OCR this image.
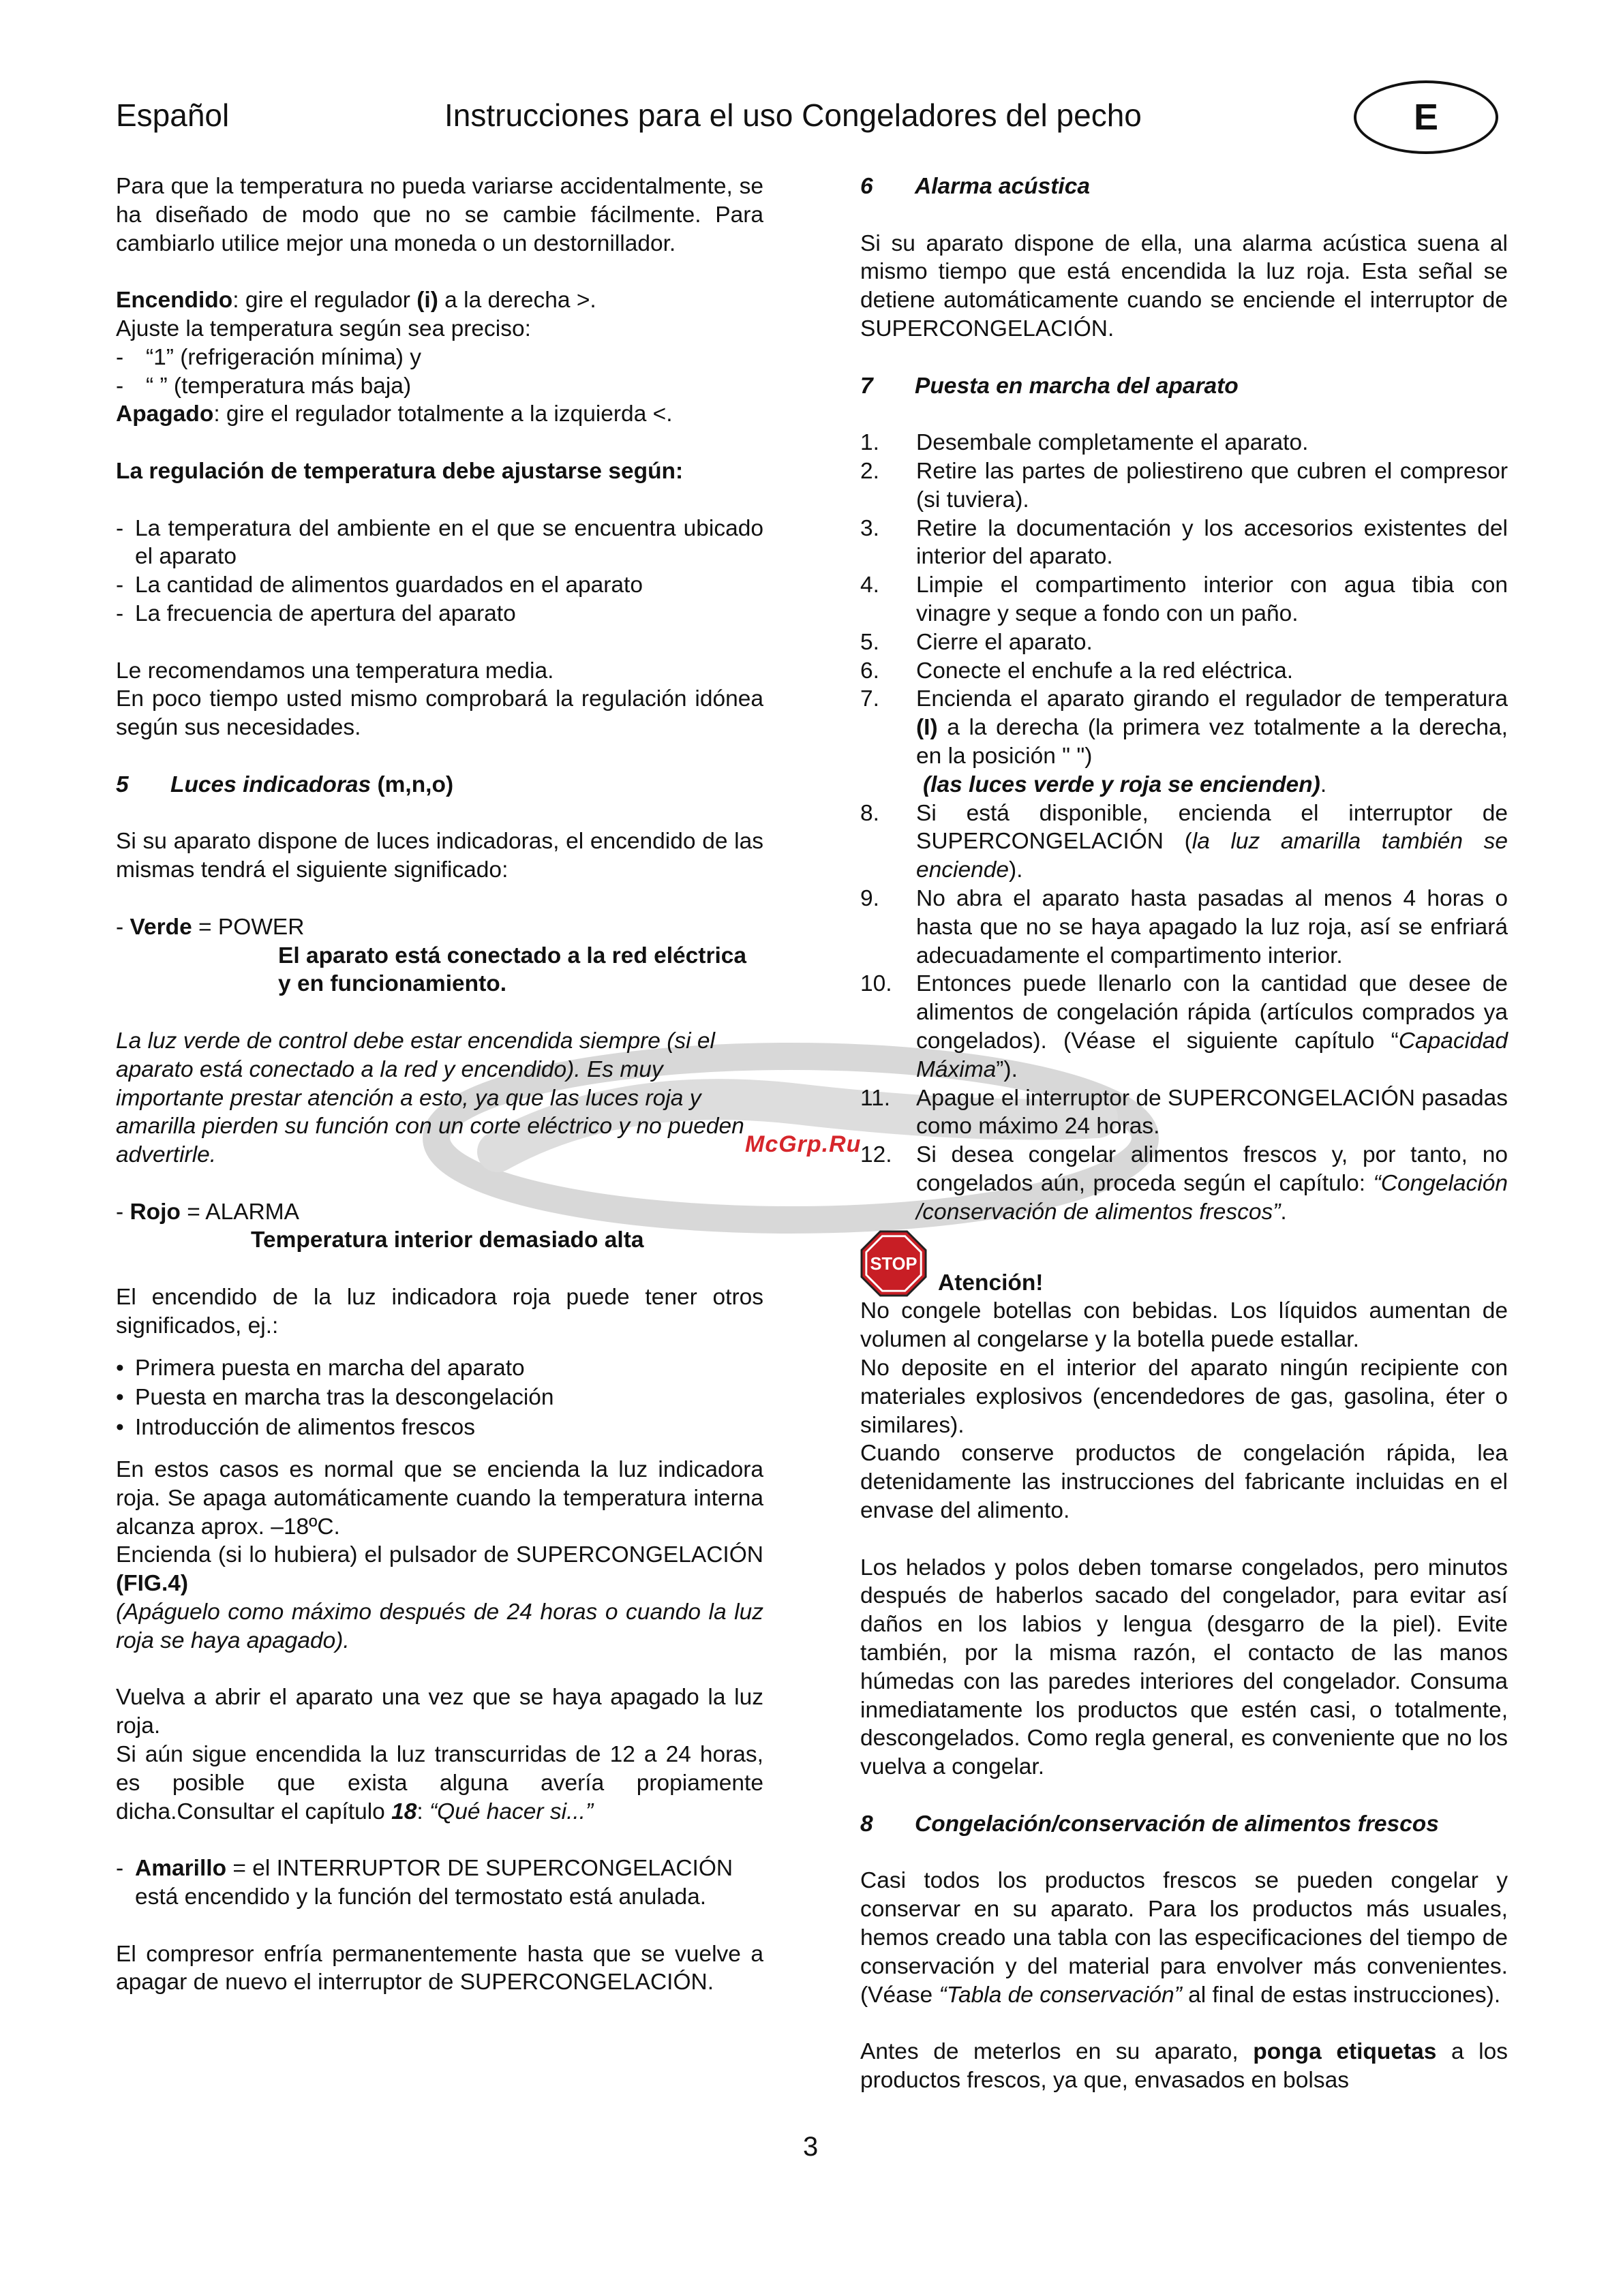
Español	Instrucciones para el uso Congeladores del pecho	E
McGrp.Ru

Para que la temperatura no pueda variarse accidentalmente, se ha diseñado de modo que no se cambie fácilmente. Para cambiarlo utilice mejor una moneda o un destornillador.

Encendido: gire el regulador (i) a la derecha >.

Ajuste la temperatura según sea preciso:

- “1” (refrigeración mínima) y
- “ ” (temperatura más baja)

Apagado: gire el regulador totalmente a la izquierda <.

La regulación de temperatura debe ajustarse según:

- La temperatura del ambiente en el que se encuentra ubicado el aparato
- La cantidad de alimentos guardados en el aparato
- La frecuencia de apertura del aparato

Le recomendamos una temperatura media.

En poco tiempo usted mismo comprobará la regulación idónea según sus necesidades.

5	Luces indicadoras (m,n,o)

Si su aparato dispone de luces indicadoras, el encendido de las mismas tendrá el siguiente significado:

- Verde = POWER

El aparato está conectado a la red eléctrica y en funcionamiento.

La luz verde de control debe estar encendida siempre (si el aparato está conectado a la red y encendido). Es muy importante prestar atención a esto, ya que las luces roja y amarilla pierden su función con un corte eléctrico y no pueden advertirle.

- Rojo = ALARMA

Temperatura interior demasiado alta

El encendido de la luz indicadora roja puede tener otros significados, ej.:

• Primera puesta en marcha del aparato
• Puesta en marcha tras la descongelación
• Introducción de alimentos frescos

En estos casos es normal que se encienda la luz indicadora roja. Se apaga automáticamente cuando la temperatura interna alcanza aprox. –18ºC.

Encienda (si lo hubiera) el pulsador de SUPERCONGELACIÓN (FIG.4)

(Apáguelo como máximo después de 24 horas o cuando la luz roja se haya apagado).

Vuelva a abrir el aparato una vez que se haya apagado la luz roja.

Si aún sigue encendida la luz transcurridas de 12 a 24 horas, es posible que exista alguna avería propiamente dicha.Consultar el capítulo 18: “Qué hacer si...”

- Amarillo = el INTERRUPTOR DE SUPERCONGELACIÓN está encendido y la función del termostato está anulada.

El compresor enfría permanentemente hasta que se vuelve a apagar de nuevo el interruptor de SUPERCONGELACIÓN.

6	Alarma acústica

Si su aparato dispone de ella, una alarma acústica suena al mismo tiempo que está encendida la luz roja. Esta señal se detiene automáticamente cuando se enciende el interruptor de SUPERCONGELACIÓN.

7	Puesta en marcha del aparato
1.	Desembale completamente el aparato.
2.	Retire las partes de poliestireno que cubren el compresor (si tuviera).
3.	Retire la documentación y los accesorios existentes del interior del aparato.
4.	Limpie el compartimento interior con agua tibia con vinagre y seque a fondo con un paño.
5.	Cierre el aparato.
6.	Conecte el enchufe a la red eléctrica.
7.	Encienda el aparato girando el regulador de temperatura (I) a la derecha (la primera vez totalmente a la derecha, en la posición " ")
(las luces verde y roja se encienden).
8.	Si está disponible, encienda el interruptor de SUPERCONGELACIÓN (la luz amarilla también se enciende).
9.	No abra el aparato hasta pasadas al menos 4 horas o hasta que no se haya apagado la luz roja, así se enfriará adecuadamente el compartimento interior.
10.	Entonces puede llenarlo con la cantidad que desee de alimentos de congelación rápida (artículos comprados ya congelados). (Véase el siguiente capítulo “Capacidad Máxima”).
11.	Apague el interruptor de SUPERCONGELACIÓN pasadas como máximo 24 horas.
12.	Si desea congelar alimentos frescos y, por tanto, no congelados aún, proceda según el capítulo: “Congelación /conservación de alimentos frescos”.
STOP
Atención!

No congele botellas con bebidas. Los líquidos aumentan de volumen al congelarse y la botella puede estallar.

No deposite en el interior del aparato ningún recipiente con materiales explosivos (encendedores de gas, gasolina, éter o similares).

Cuando conserve productos de congelación rápida, lea detenidamente las instrucciones del fabricante incluidas en el envase del alimento.

Los helados y polos deben tomarse congelados, pero minutos después de haberlos sacado del congelador, para evitar así daños en los labios y lengua (desgarro de la piel). Evite también, por la misma razón, el contacto de las manos húmedas con las paredes interiores del congelador. Consuma inmediatamente los productos que estén casi, o totalmente, descongelados. Como regla general, es conveniente que no los vuelva a congelar.

8	Congelación/conservación de alimentos frescos

Casi todos los productos frescos se pueden congelar y conservar en su aparato. Para los productos más usuales, hemos creado una tabla con las especificaciones del tiempo de conservación y del material para envolver más convenientes. (Véase “Tabla de conservación” al final de estas instrucciones).

Antes de meterlos en su aparato, ponga etiquetas a los productos frescos, ya que, envasados en bolsas

3
